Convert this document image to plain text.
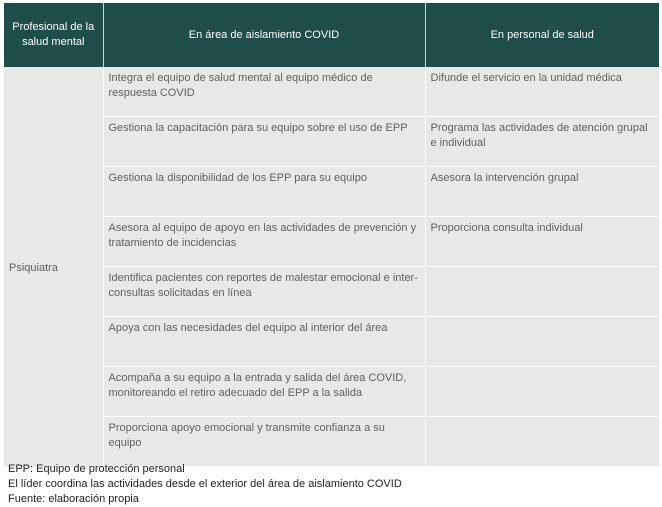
Profesional de la salud mental	En área de aislamiento COVID	En personal de salud
Psiquiatra	Integra el equipo de salud mental al equipo médico de respuesta COVID	Difunde el servicio en la unidad médica
	Gestiona la capacitación para su equipo sobre el uso de EPP	Programa las actividades de atención grupal e individual
	Gestiona la disponibilidad de los EPP para su equipo	Asesora la intervención grupal
	Asesora al equipo de apoyo en las actividades de prevención y tratamiento de incidencias	Proporciona consulta individual
	Identifica pacientes con reportes de malestar emocional e inter-consultas solicitadas en línea	
	Apoya con las necesidades del equipo al interior del área	
	Acompaña a su equipo a la entrada y salida del área COVID, monitoreando el retiro adecuado del EPP a la salida	
	Proporciona apoyo emocional y transmite confianza a su equipo	
EPP: Equipo de protección personal
El líder coordina las actividades desde el exterior del área de aislamiento COVID
Fuente: elaboración propia
